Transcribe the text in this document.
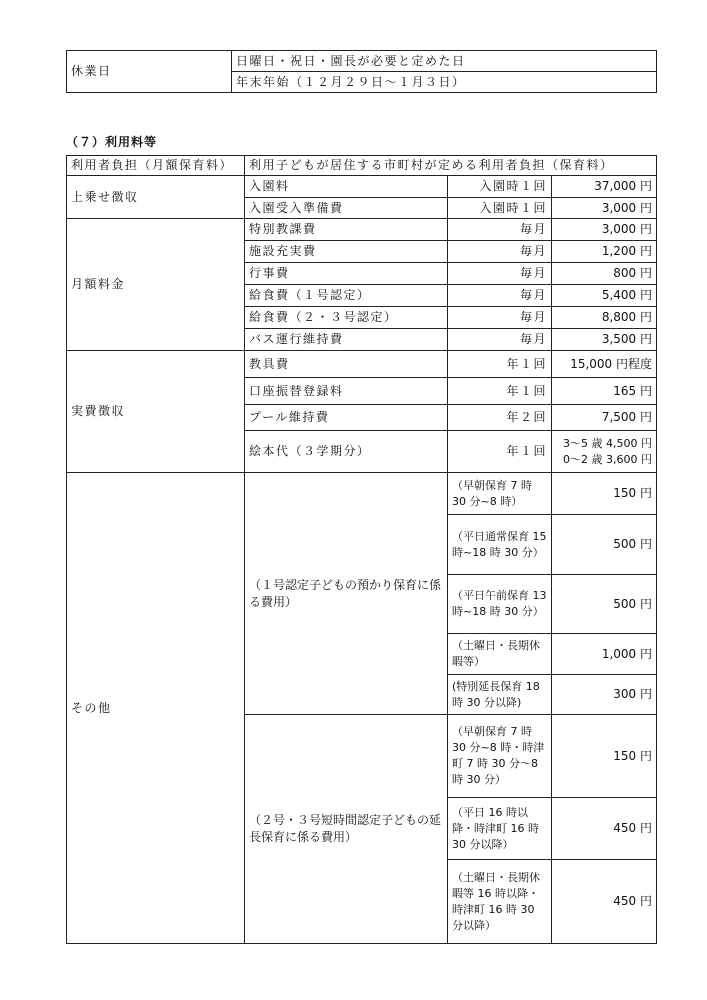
休業日	日曜日・祝日・園長が必要と定めた日
年末年始（１２月２９日～１月３日）
（７）利用料等
利用者負担（月額保育料）	利用子どもが居住する市町村が定める利用者負担（保育料）		
上乗せ徴収	入園料	入園時１回	37,000 円
	入園受入準備費	入園時１回	3,000 円
月額料金	特別教課費	毎月	3,000 円
	施設充実費	毎月	1,200 円
	行事費	毎月	800 円
	給食費（１号認定）	毎月	5,400 円
	給食費（２・３号認定）	毎月	8,800 円
	バス運行維持費	毎月	3,500 円
実費徴収	教具費	年１回	15,000 円程度
	口座振替登録料	年１回	165 円
	プール維持費	年２回	7,500 円
	絵本代（３学期分）	年１回	3～5 歳 4,500 円
0～2 歳 3,600 円

その他	（１号認定子どもの預かり保育に係る費用）	（早朝保育 7 時 30 分~8 時）	150 円
		（平日通常保育 15 時~18 時 30 分）	500 円
		（平日午前保育 13 時~18 時 30 分）	500 円
		（土曜日・長期休暇等）	1,000 円
		(特別延長保育 18 時 30 分以降)	300 円
	（２号・３号短時間認定子どもの延長保育に係る費用）	（早朝保育 7 時 30 分~8 時・時津町 7 時 30 分～8 時 30 分）	150 円
		（平日 16 時以降・時津町 16 時 30 分以降）	450 円
		（土曜日・長期休暇等 16 時以降・時津町 16 時 30 分以降）	450 円
